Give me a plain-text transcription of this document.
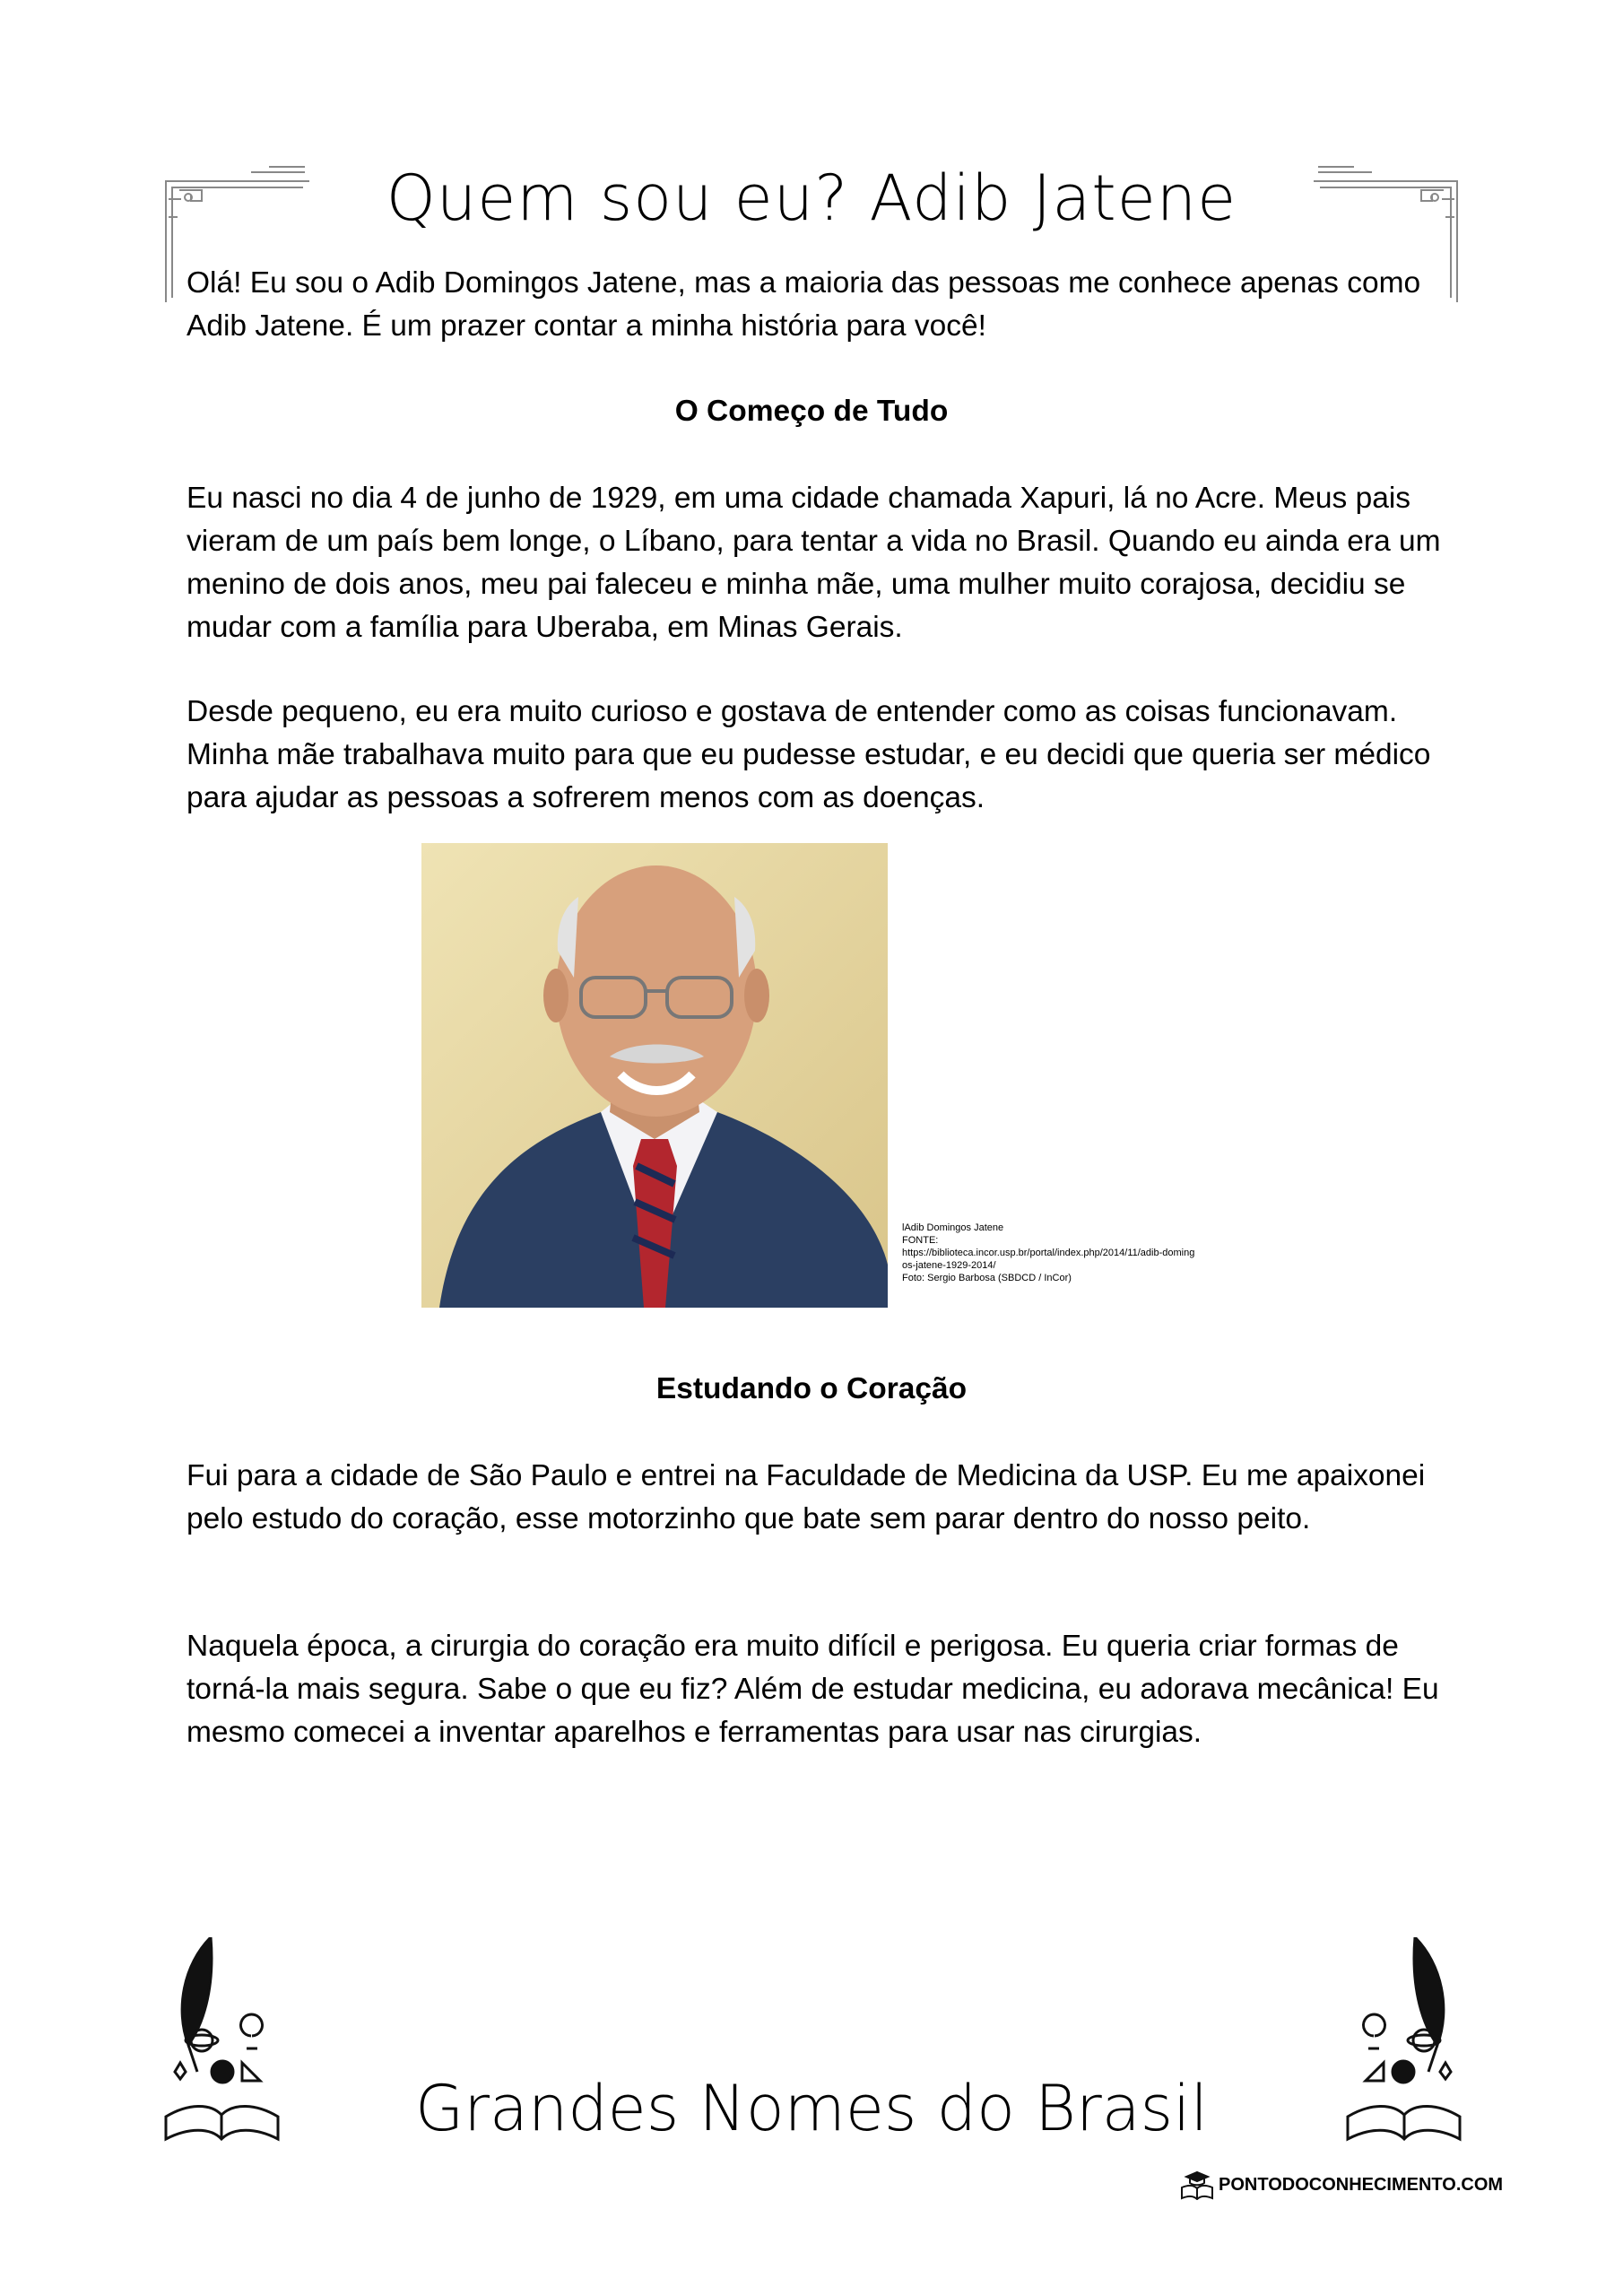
Quem sou eu? Adib Jatene
Olá! Eu sou o Adib Domingos Jatene, mas a maioria das pessoas me conhece apenas como Adib Jatene. É um prazer contar a minha história para você!
O Começo de Tudo
Eu nasci no dia 4 de junho de 1929, em uma cidade chamada Xapuri, lá no Acre. Meus pais vieram de um país bem longe, o Líbano, para tentar a vida no Brasil. Quando eu ainda era um menino de dois anos, meu pai faleceu e minha mãe, uma mulher muito corajosa, decidiu se mudar com a família para Uberaba, em Minas Gerais.
Desde pequeno, eu era muito curioso e gostava de entender como as coisas funcionavam. Minha mãe trabalhava muito para que eu pudesse estudar, e eu decidi que queria ser médico para ajudar as pessoas a sofrerem menos com as doenças.
lAdib Domingos Jatene
FONTE:
https://biblioteca.incor.usp.br/portal/index.php/2014/11/adib-domingos-jatene-1929-2014/
Foto: Sergio Barbosa (SBDCD / InCor)
Estudando o Coração
Fui para a cidade de São Paulo e entrei na Faculdade de Medicina da USP. Eu me apaixonei pelo estudo do coração, esse motorzinho que bate sem parar dentro do nosso peito.
Naquela época, a cirurgia do coração era muito difícil e perigosa. Eu queria criar formas de torná-la mais segura. Sabe o que eu fiz? Além de estudar medicina, eu adorava mecânica! Eu mesmo comecei a inventar aparelhos e ferramentas para usar nas cirurgias.
Grandes Nomes do Brasil
PONTODOCONHECIMENTO.COM
